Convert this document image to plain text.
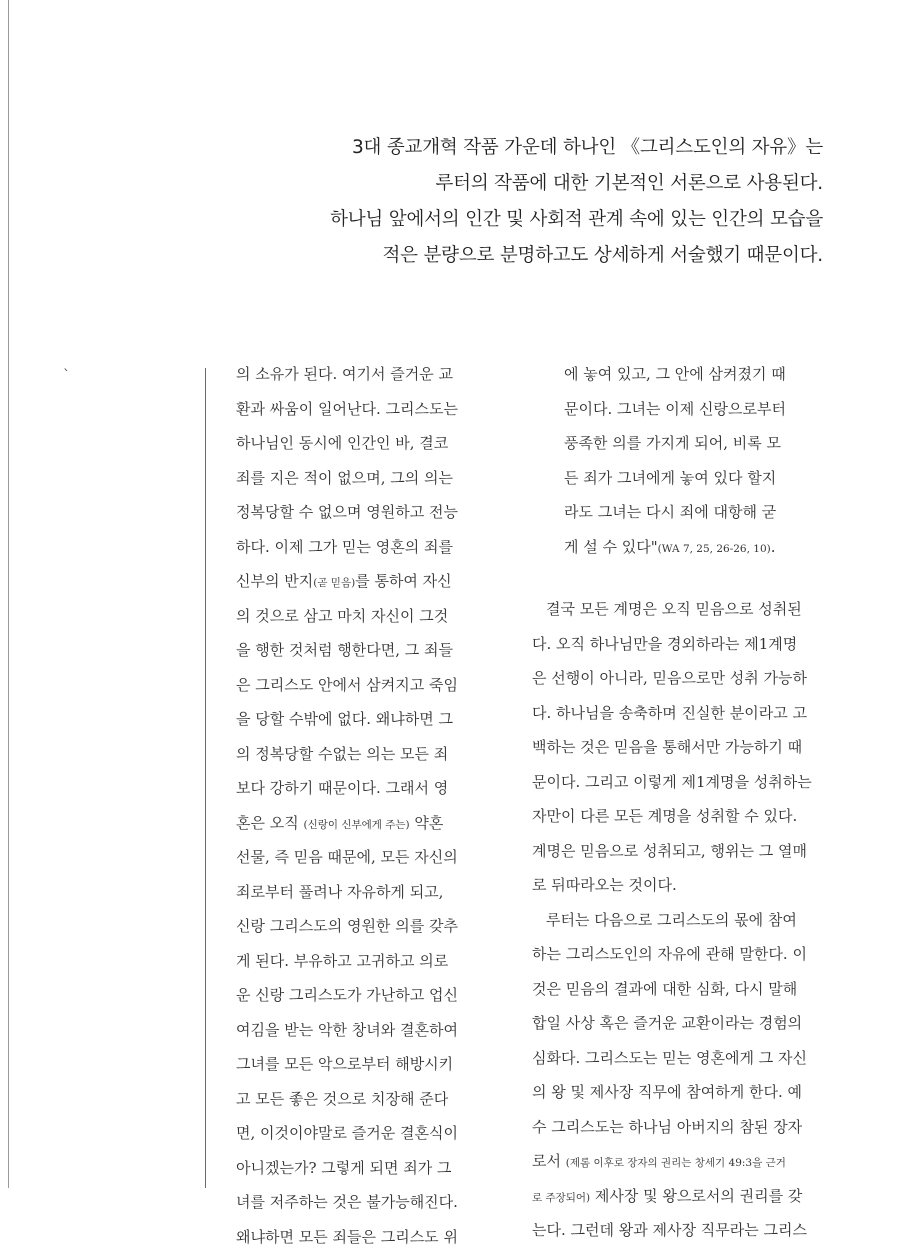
`
3대 종교개혁 작품 가운데 하나인 《그리스도인의 자유》는
루터의 작품에 대한 기본적인 서론으로 사용된다.
하나님 앞에서의 인간 및 사회적 관계 속에 있는 인간의 모습을
적은 분량으로 분명하고도 상세하게 서술했기 때문이다.
의 소유가 된다. 여기서 즐거운 교
환과 싸움이 일어난다. 그리스도는
하나님인 동시에 인간인 바, 결코
죄를 지은 적이 없으며, 그의 의는
정복당할 수 없으며 영원하고 전능
하다. 이제 그가 믿는 영혼의 죄를
신부의 반지(곧 믿음)를 통하여 자신
의 것으로 삼고 마치 자신이 그것
을 행한 것처럼 행한다면, 그 죄들
은 그리스도 안에서 삼켜지고 죽임
을 당할 수밖에 없다. 왜냐하면 그
의 정복당할 수없는 의는 모든 죄
보다 강하기 때문이다. 그래서 영
혼은 오직 (신랑이 신부에게 주는) 약혼
선물, 즉 믿음 때문에, 모든 자신의
죄로부터 풀려나 자유하게 되고,
신랑 그리스도의 영원한 의를 갖추
게 된다. 부유하고 고귀하고 의로
운 신랑 그리스도가 가난하고 업신
여김을 받는 악한 창녀와 결혼하여
그녀를 모든 악으로부터 해방시키
고 모든 좋은 것으로 치장해 준다
면, 이것이야말로 즐거운 결혼식이
아니겠는가? 그렇게 되면 죄가 그
녀를 저주하는 것은 불가능해진다.
왜냐하면 모든 죄들은 그리스도 위
에 놓여 있고, 그 안에 삼켜졌기 때
문이다. 그녀는 이제 신랑으로부터
풍족한 의를 가지게 되어, 비록 모
든 죄가 그녀에게 놓여 있다 할지
라도 그녀는 다시 죄에 대항해 굳
게 설 수 있다"(WA 7, 25, 26-26, 10).
결국 모든 계명은 오직 믿음으로 성취된
다. 오직 하나님만을 경외하라는 제1계명
은 선행이 아니라, 믿음으로만 성취 가능하
다. 하나님을 송축하며 진실한 분이라고 고
백하는 것은 믿음을 통해서만 가능하기 때
문이다. 그리고 이렇게 제1계명을 성취하는
자만이 다른 모든 계명을 성취할 수 있다.
계명은 믿음으로 성취되고, 행위는 그 열매
로 뒤따라오는 것이다.
루터는 다음으로 그리스도의 몫에 참여
하는 그리스도인의 자유에 관해 말한다. 이
것은 믿음의 결과에 대한 심화, 다시 말해
합일 사상 혹은 즐거운 교환이라는 경험의
심화다. 그리스도는 믿는 영혼에게 그 자신
의 왕 및 제사장 직무에 참여하게 한다. 예
수 그리스도는 하나님 아버지의 참된 장자
로서 (제롬 이후로 장자의 권리는 창세기 49:3을 근거
로 주장되어) 제사장 및 왕으로서의 권리를 갖
는다. 그런데 왕과 제사장 직무라는 그리스
